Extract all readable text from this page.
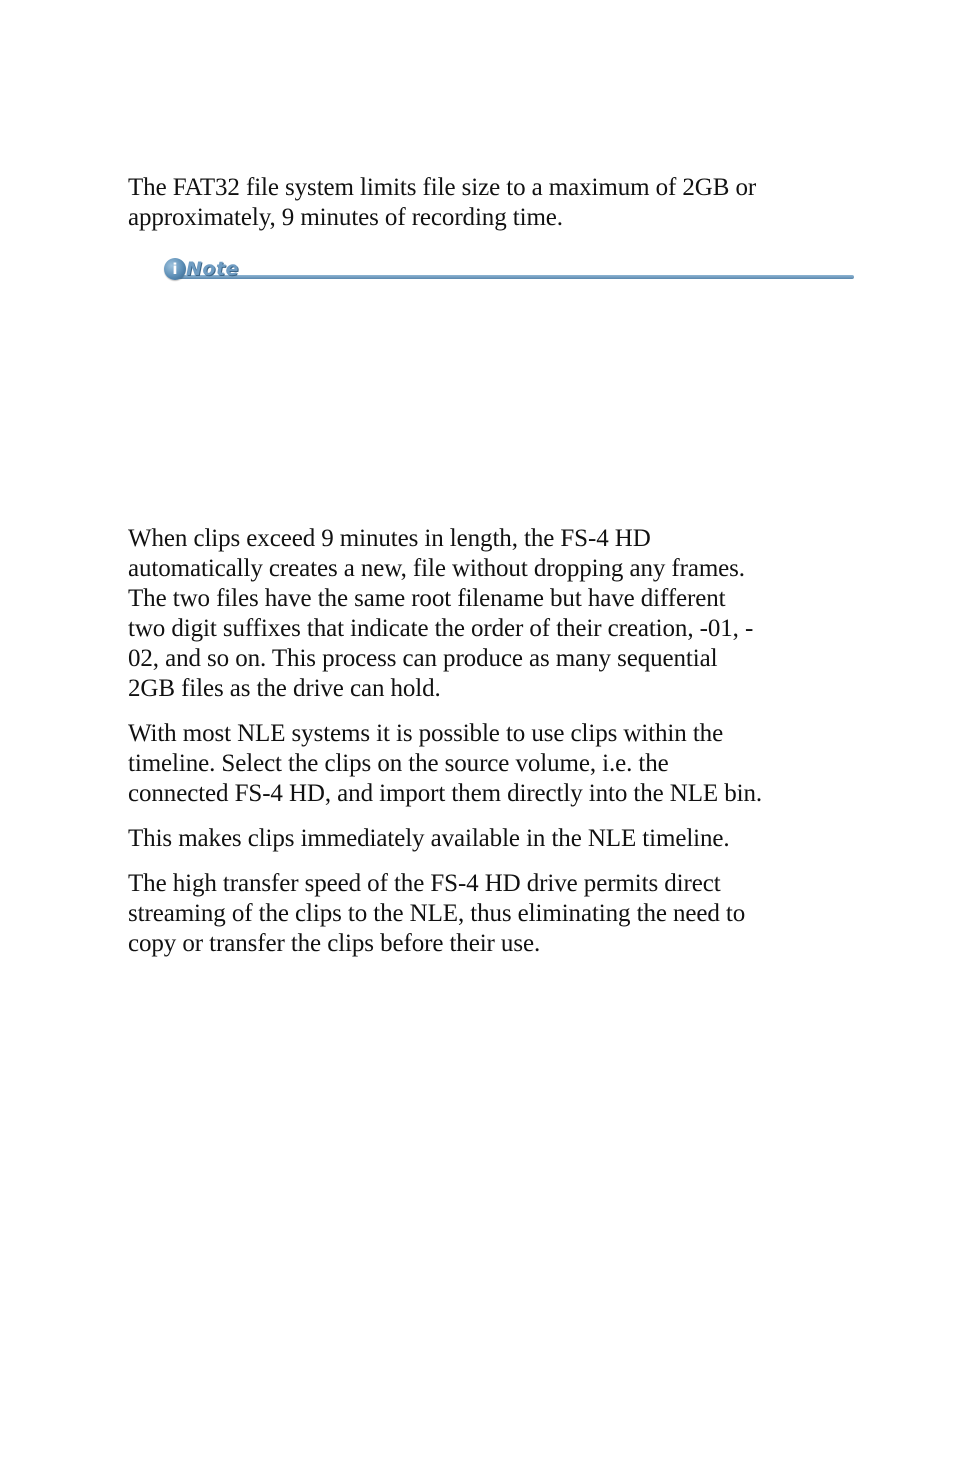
The FAT32 file system limits file size to a maximum of 2GB or
approximately, 9 minutes of recording time.

i Note

When clips exceed 9 minutes in length, the FS-4 HD
automatically creates a new, file without dropping any frames.
The two files have the same root filename but have different
two digit suffixes that indicate the order of their creation, -01, -
02, and so on. This process can produce as many sequential
2GB files as the drive can hold.

With most NLE systems it is possible to use clips within the
timeline. Select the clips on the source volume, i.e. the
connected FS-4 HD, and import them directly into the NLE bin.

This makes clips immediately available in the NLE timeline.

The high transfer speed of the FS-4 HD drive permits direct
streaming of the clips to the NLE, thus eliminating the need to
copy or transfer the clips before their use.
